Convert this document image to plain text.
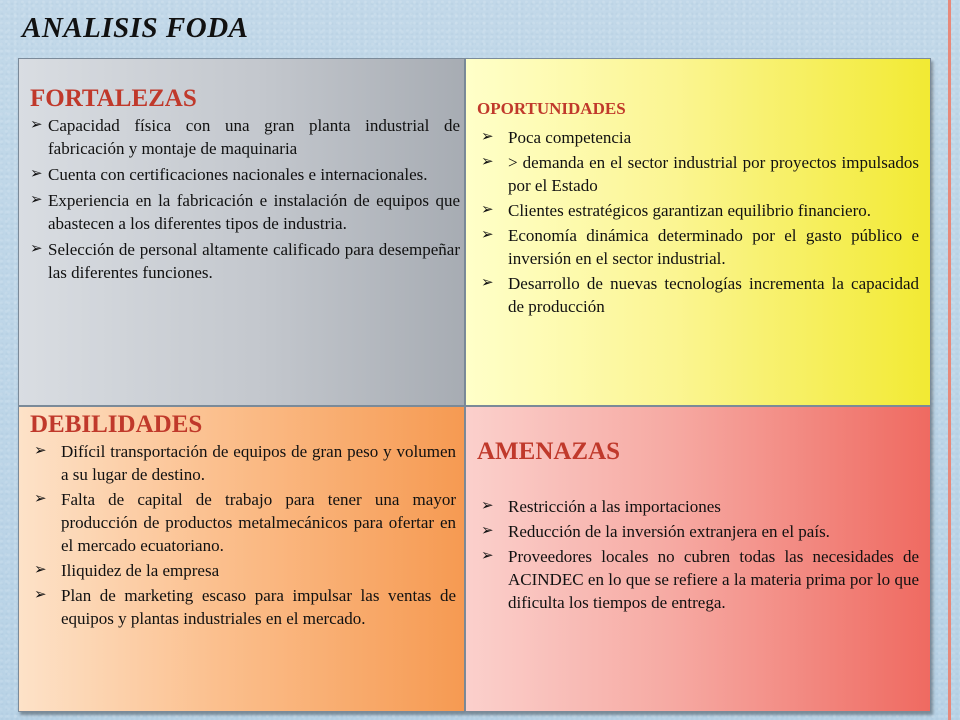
ANALISIS FODA
FORTALEZAS
➢ Capacidad física con una gran planta industrial de fabricación y montaje de maquinaria
➢ Cuenta con certificaciones nacionales e internacionales.
➢ Experiencia en la fabricación e instalación de equipos que abastecen a los diferentes tipos de industria.
➢ Selección de personal altamente calificado para desempeñar las diferentes funciones.
OPORTUNIDADES
➢ Poca competencia
➢ > demanda en el sector industrial por proyectos impulsados por el Estado
➢ Clientes estratégicos garantizan equilibrio financiero.
➢ Economía dinámica determinado por el gasto público e inversión en el sector industrial.
➢ Desarrollo de nuevas tecnologías incrementa la capacidad de producción
DEBILIDADES
➢ Difícil transportación de equipos de gran peso y volumen a su lugar de destino.
➢ Falta de capital de trabajo para tener una mayor producción de productos metalmecánicos para ofertar en el mercado ecuatoriano.
➢ Iliquidez de la empresa
➢ Plan de marketing escaso para impulsar las ventas de equipos y plantas industriales en el mercado.
AMENAZAS
➢ Restricción a las importaciones
➢ Reducción de la inversión extranjera en el país.
➢ Proveedores locales no cubren todas las necesidades de ACINDEC en lo que se refiere a la materia prima por lo que dificulta los tiempos de entrega.
